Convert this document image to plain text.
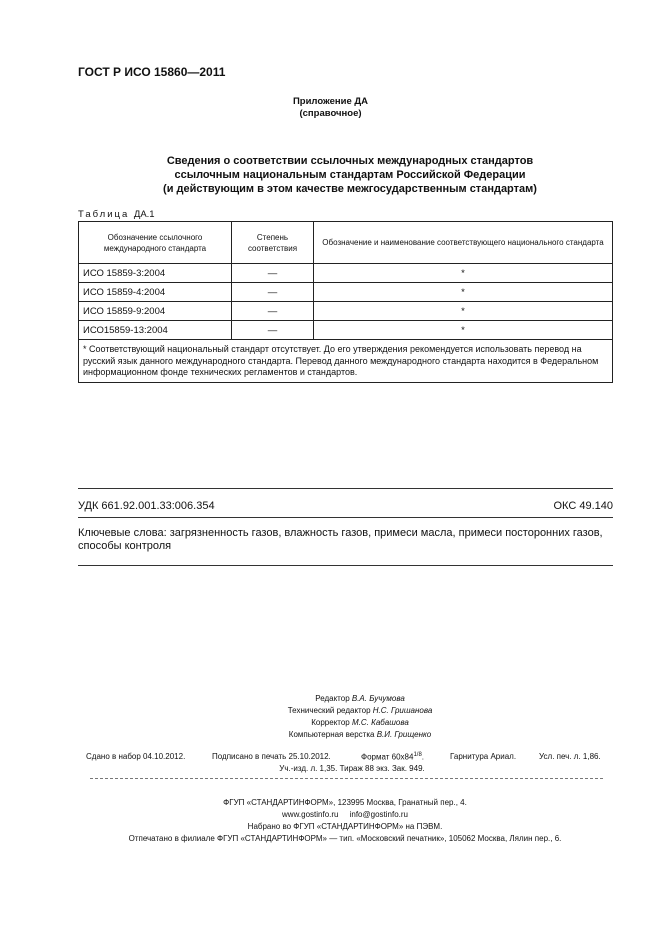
ГОСТ Р ИСО 15860—2011
Приложение ДА
(справочное)
Сведения о соответствии ссылочных международных стандартов
ссылочным национальным стандартам Российской Федерации
(и действующим в этом качестве межгосударственным стандартам)
Таблица ДА.1
Обозначение ссылочного международного стандарта	Степень соответствия	Обозначение и наименование соответствующего национального стандарта
ИСО 15859-3:2004	—	*
ИСО 15859-4:2004	—	*
ИСО 15859-9:2004	—	*
ИСО15859-13:2004	—	*
* Соответствующий национальный стандарт отсутствует. До его утверждения рекомендуется использовать перевод на русский язык данного международного стандарта. Перевод данного международного стандарта находится в Федеральном информационном фонде технических регламентов и стандартов.		
УДК 661.92.001.33:006.354	ОКС 49.140
Ключевые слова: загрязненность газов, влажность газов, примеси масла, примеси посторонних газов, способы контроля
Редактор В.А. Бучумова
Технический редактор Н.С. Гришанова
Корректор М.С. Кабашова
Компьютерная верстка В.И. Грищенко
Сдано в набор 04.10.2012.	Подписано в печать 25.10.2012.	Формат $60x84^{1/8}$.	Гарнитура Ариал.	Усл. печ. л. 1,86.
Уч.-изд. л. 1,35. Тираж 88 экз. Зак. 949.
ФГУП «СТАНДАРТИНФОРМ», 123995 Москва, Гранатный пер., 4.
www.gostinfo.ru info@gostinfo.ru
Набрано во ФГУП «СТАНДАРТИНФОРМ» на ПЭВМ.
Отпечатано в филиале ФГУП «СТАНДАРТИНФОРМ» — тип. «Московский печатник», 105062 Москва, Лялин пер., 6.
